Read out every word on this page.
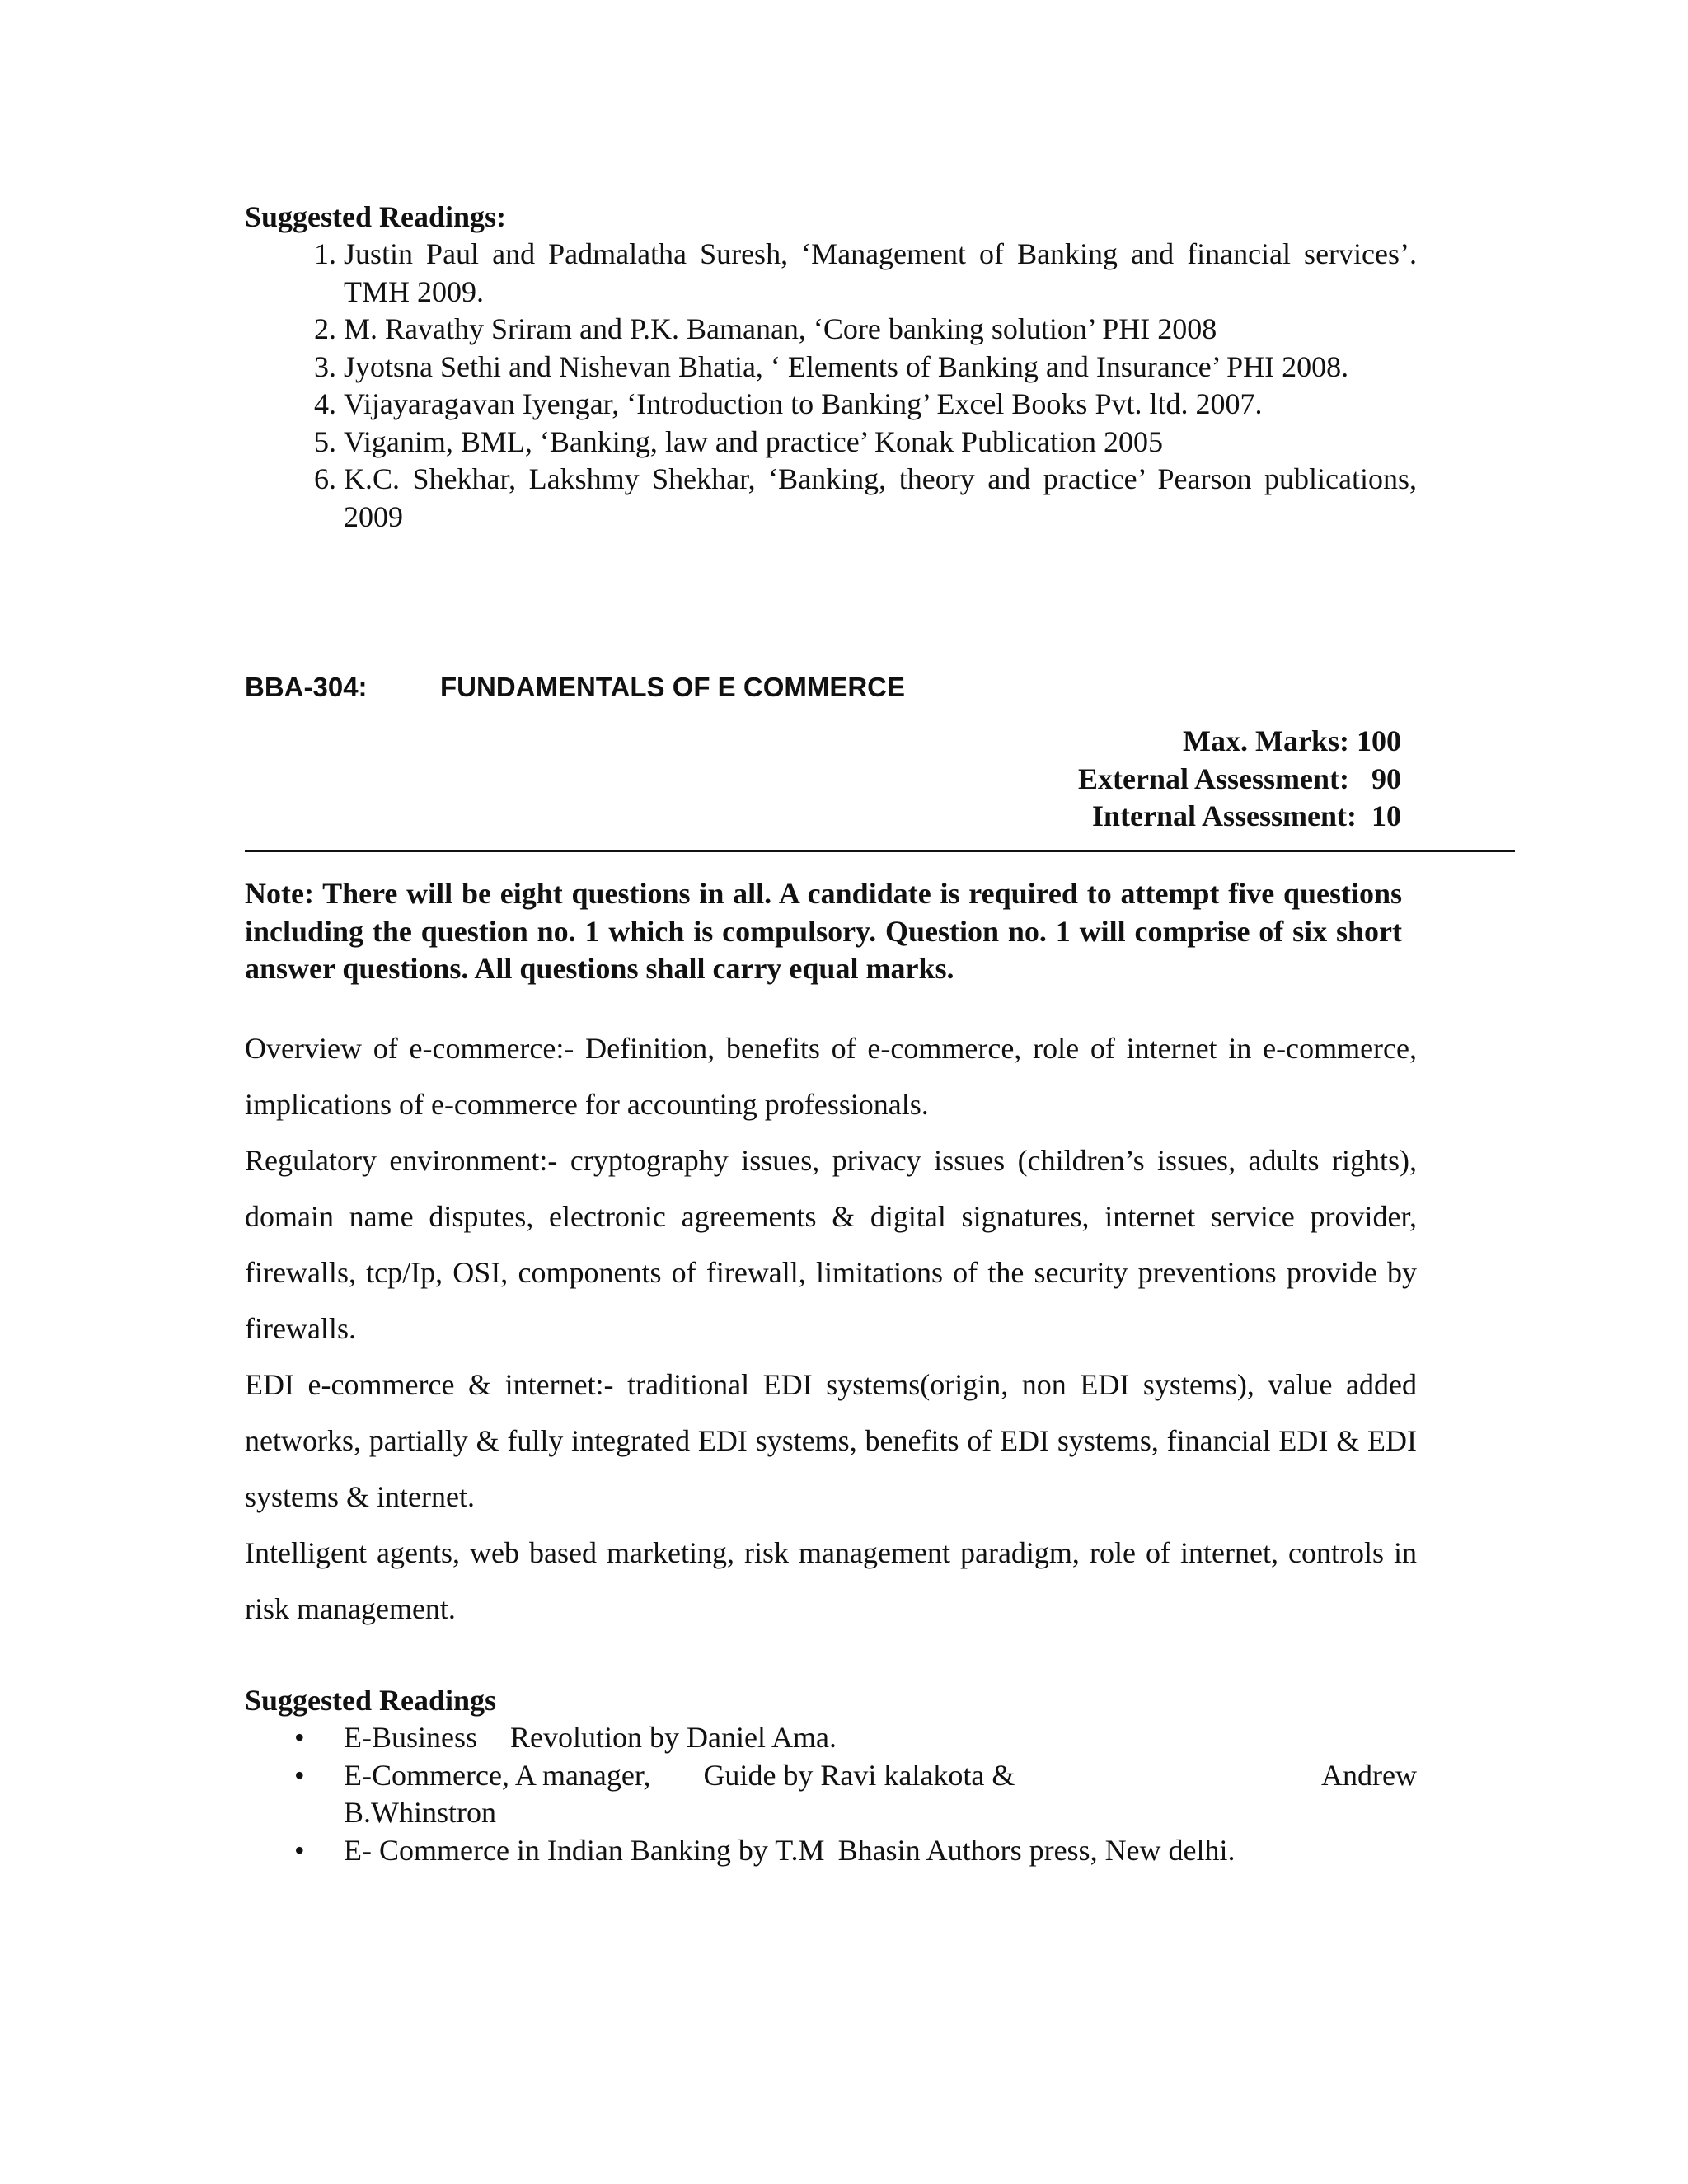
Suggested Readings:
1. Justin Paul and Padmalatha Suresh, ‘Management of Banking and financial services’. TMH 2009.
2. M. Ravathy Sriram and P.K. Bamanan, ‘Core banking solution’ PHI 2008
3. Jyotsna Sethi and Nishevan Bhatia, ‘ Elements of Banking and Insurance’ PHI 2008.
4. Vijayaragavan Iyengar, ‘Introduction to Banking’ Excel Books Pvt. ltd. 2007.
5. Viganim, BML, ‘Banking, law and practice’ Konak Publication 2005
6. K.C. Shekhar, Lakshmy Shekhar, ‘Banking, theory and practice’ Pearson publications, 2009
BBA-304:	FUNDAMENTALS OF E COMMERCE
Max. Marks: 100
External Assessment:   90
Internal Assessment:  10
Note: There will be eight questions in all. A candidate is required to attempt five questions including the question no. 1 which is compulsory. Question no. 1 will comprise of six short answer questions. All questions shall carry equal marks.

Overview of e-commerce:- Definition, benefits of e-commerce, role of internet in e-commerce, implications of e-commerce for accounting professionals.

Regulatory environment:- cryptography issues, privacy issues (children’s issues, adults rights), domain name disputes, electronic agreements & digital signatures, internet service provider, firewalls, tcp/Ip, OSI, components of firewall, limitations of the security preventions provide by firewalls.

EDI e-commerce & internet:- traditional EDI systems(origin, non EDI systems), value added networks, partially & fully integrated EDI systems, benefits of EDI systems, financial EDI & EDI systems & internet.

Intelligent agents, web based marketing, risk management paradigm, role of internet, controls in risk management.

Suggested Readings
• E-Business Revolution by Daniel Ama.
• E-Commerce, A manager, Guide by Ravi kalakota &	Andrew
B.Whinstron
• E- Commerce in Indian Banking by T.M Bhasin Authors press, New delhi.
